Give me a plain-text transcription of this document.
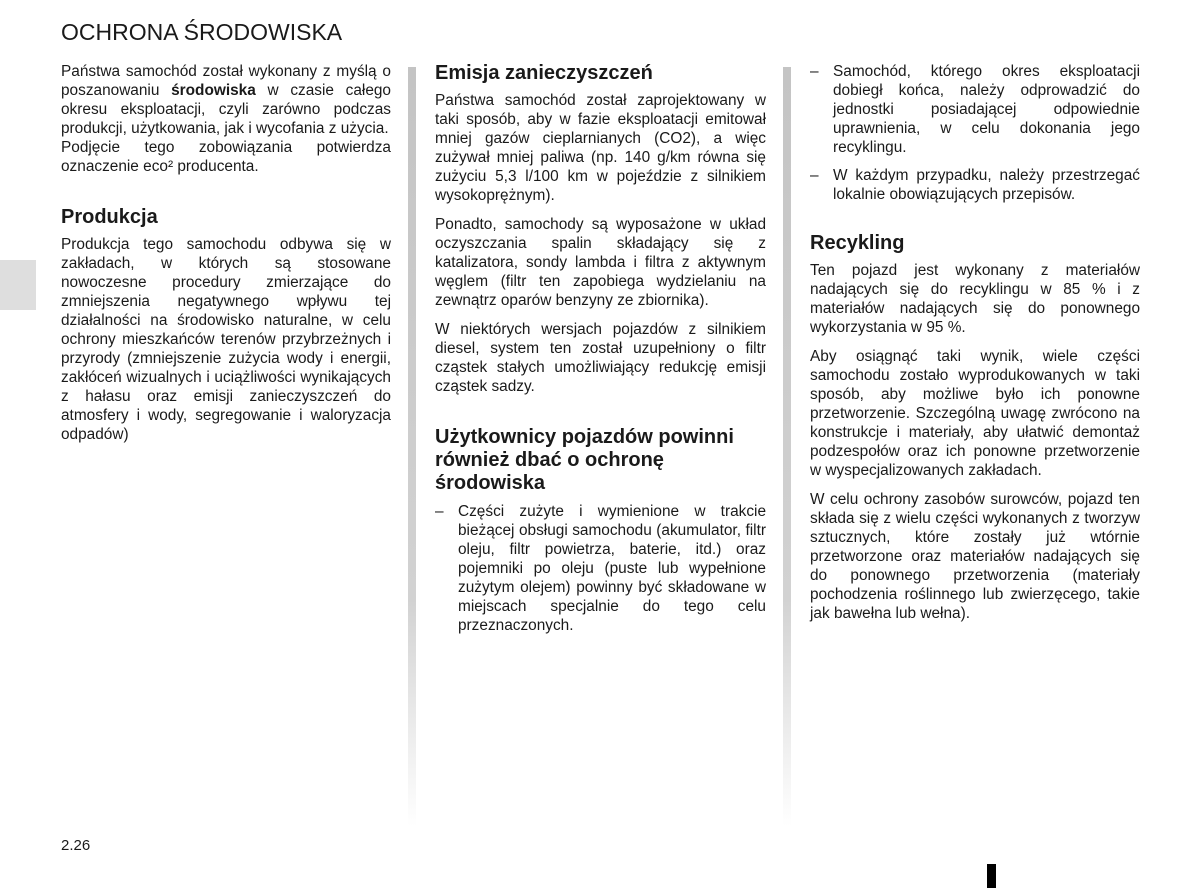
OCHRONA ŚRODOWISKA

Państwa samochód został wykonany z myślą o poszanowaniu środowiska w czasie całego okresu eksploatacji, czyli zarówno podczas produkcji, użytkowania, jak i wycofania z użycia.
Podjęcie tego zobowiązania potwierdza oznaczenie eco² producenta.

Produkcja

Produkcja tego samochodu odbywa się w zakładach, w których są stosowane nowoczesne procedury zmierzające do zmniejszenia negatywnego wpływu tej działalności na środowisko naturalne, w celu ochrony mieszkańców terenów przybrzeżnych i przyrody (zmniejszenie zużycia wody i energii, zakłóceń wizualnych i uciążliwości wynikających z hałasu oraz emisji zanieczyszczeń do atmosfery i wody, segregowanie i waloryzacja odpadów)

Emisja zanieczyszczeń

Państwa samochód został zaprojektowany w taki sposób, aby w fazie eksploatacji emitował mniej gazów cieplarnianych (CO2), a więc zużywał mniej paliwa (np. 140 g/km równa się zużyciu 5,3 l/100 km w pojeździe z silnikiem wysokoprężnym).

Ponadto, samochody są wyposażone w układ oczyszczania spalin składający się z katalizatora, sondy lambda i filtra z aktywnym węglem (filtr ten zapobiega wydzielaniu na zewnątrz oparów benzyny ze zbiornika).

W niektórych wersjach pojazdów z silnikiem diesel, system ten został uzupełniony o filtr cząstek stałych umożliwiający redukcję emisji cząstek sadzy.

Użytkownicy pojazdów powinni również dbać o ochronę środowiska
– Części zużyte i wymienione w trakcie bieżącej obsługi samochodu (akumulator, filtr oleju, filtr powietrza, baterie, itd.) oraz pojemniki po oleju (puste lub wypełnione zużytym olejem) powinny być składowane w miejscach specjalnie do tego celu przeznaczonych.
– Samochód, którego okres eksploatacji dobiegł końca, należy odprowadzić do jednostki posiadającej odpowiednie uprawnienia, w celu dokonania jego recyklingu.
– W każdym przypadku, należy przestrzegać lokalnie obowiązujących przepisów.
Recykling

Ten pojazd jest wykonany z materiałów nadających się do recyklingu w 85 % i z materiałów nadających się do ponownego wykorzystania w 95 %.

Aby osiągnąć taki wynik, wiele części samochodu zostało wyprodukowanych w taki sposób, aby możliwe było ich ponowne przetworzenie. Szczególną uwagę zwrócono na konstrukcje i materiały, aby ułatwić demontaż podzespołów oraz ich ponowne przetworzenie w wyspecjalizowanych zakładach.

W celu ochrony zasobów surowców, pojazd ten składa się z wielu części wykonanych z tworzyw sztucznych, które zostały już wtórnie przetworzone oraz materiałów nadających się do ponownego przetworzenia (materiały pochodzenia roślinnego lub zwierzęcego, takie jak bawełna lub wełna).

2.26
